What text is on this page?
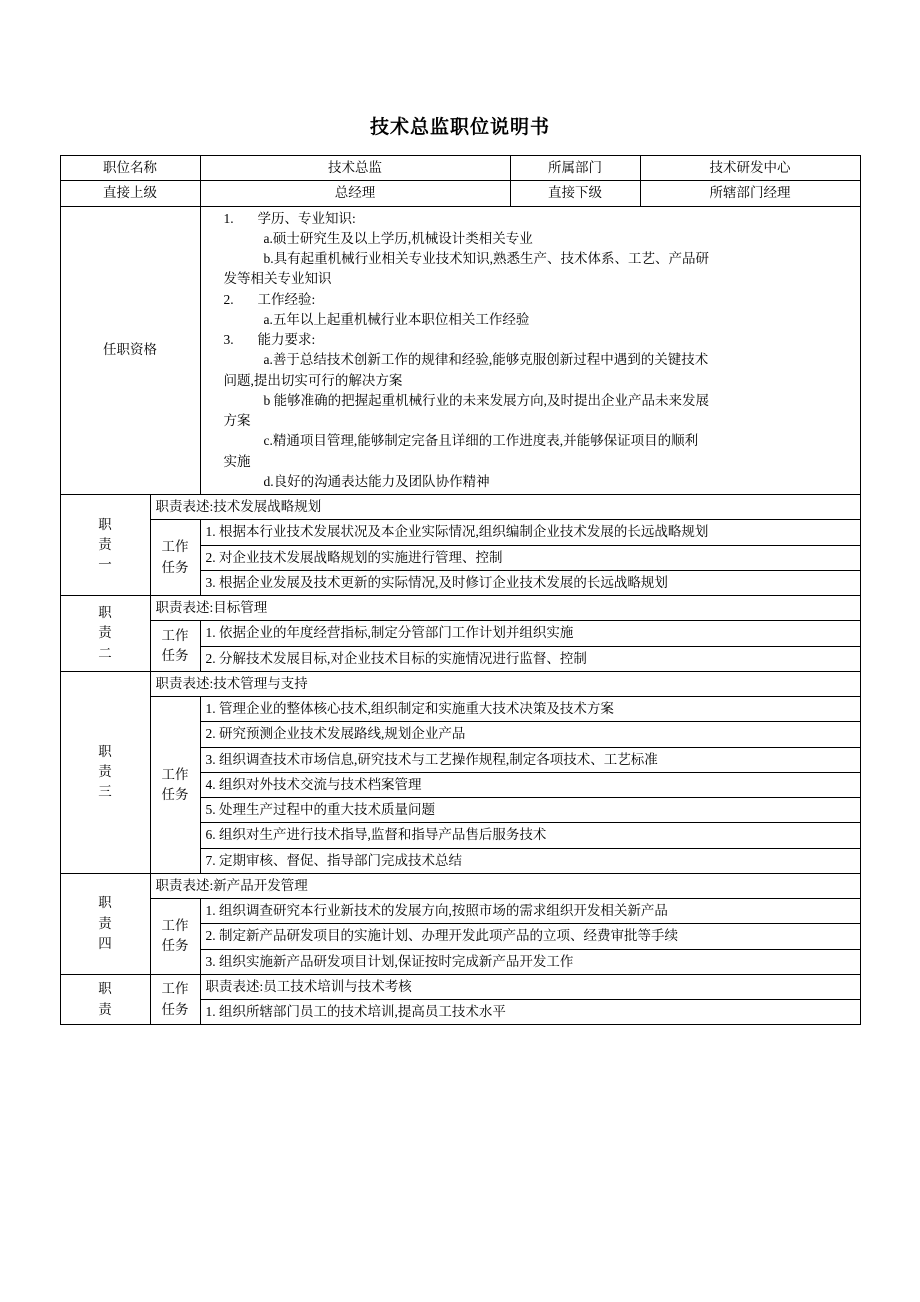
技术总监职位说明书
职位名称		技术总监	所属部门	技术研发中心
直接上级		总经理	直接下级	所辖部门经理
任职资格	
1. 学历、专业知识:
a.硕士研究生及以上学历,机械设计类相关专业
b.具有起重机械行业相关专业技术知识,熟悉生产、技术体系、工艺、产品研
发等相关专业知识
2. 工作经验:
a.五年以上起重机械行业本职位相关工作经验
3. 能力要求:
a.善于总结技术创新工作的规律和经验,能够克服创新过程中遇到的关键技术
问题,提出切实可行的解决方案
b 能够准确的把握起重机械行业的未来发展方向,及时提出企业产品未来发展
方案
c.精通项目管理,能够制定完备且详细的工作进度表,并能够保证项目的顺利
实施
d.良好的沟通表达能力及团队协作精神

职
责
一	职责表述:技术发展战略规划			

	工作
任务	1. 根据本行业技术发展状况及本企业实际情况,组织编制企业技术发展的长远战略规划		
		2. 对企业技术发展战略规划的实施进行管理、控制		
		3. 根据企业发展及技术更新的实际情况,及时修订企业技术发展的长远战略规划		

职
责
二	职责表述:目标管理			

	工作
任务	1. 依据企业的年度经营指标,制定分管部门工作计划并组织实施		
		2. 分解技术发展目标,对企业技术目标的实施情况进行监督、控制		

职
责
三	职责表述:技术管理与支持			

	工作
任务	1. 管理企业的整体核心技术,组织制定和实施重大技术决策及技术方案		
		2. 研究预测企业技术发展路线,规划企业产品		
		3. 组织调查技术市场信息,研究技术与工艺操作规程,制定各项技术、工艺标准		
		4. 组织对外技术交流与技术档案管理		
		5. 处理生产过程中的重大技术质量问题		
		6. 组织对生产进行技术指导,监督和指导产品售后服务技术		
		7. 定期审核、督促、指导部门完成技术总结		

职
责
四	职责表述:新产品开发管理			

	工作
任务	1. 组织调查研究本行业新技术的发展方向,按照市场的需求组织开发相关新产品		
		2. 制定新产品研发项目的实施计划、办理开发此项产品的立项、经费审批等手续		
		3. 组织实施新产品研发项目计划,保证按时完成新产品开发工作		

职
责

工作
任务
	职责表述:员工技术培训与技术考核
		1. 组织所辖部门员工的技术培训,提高员工技术水平		
